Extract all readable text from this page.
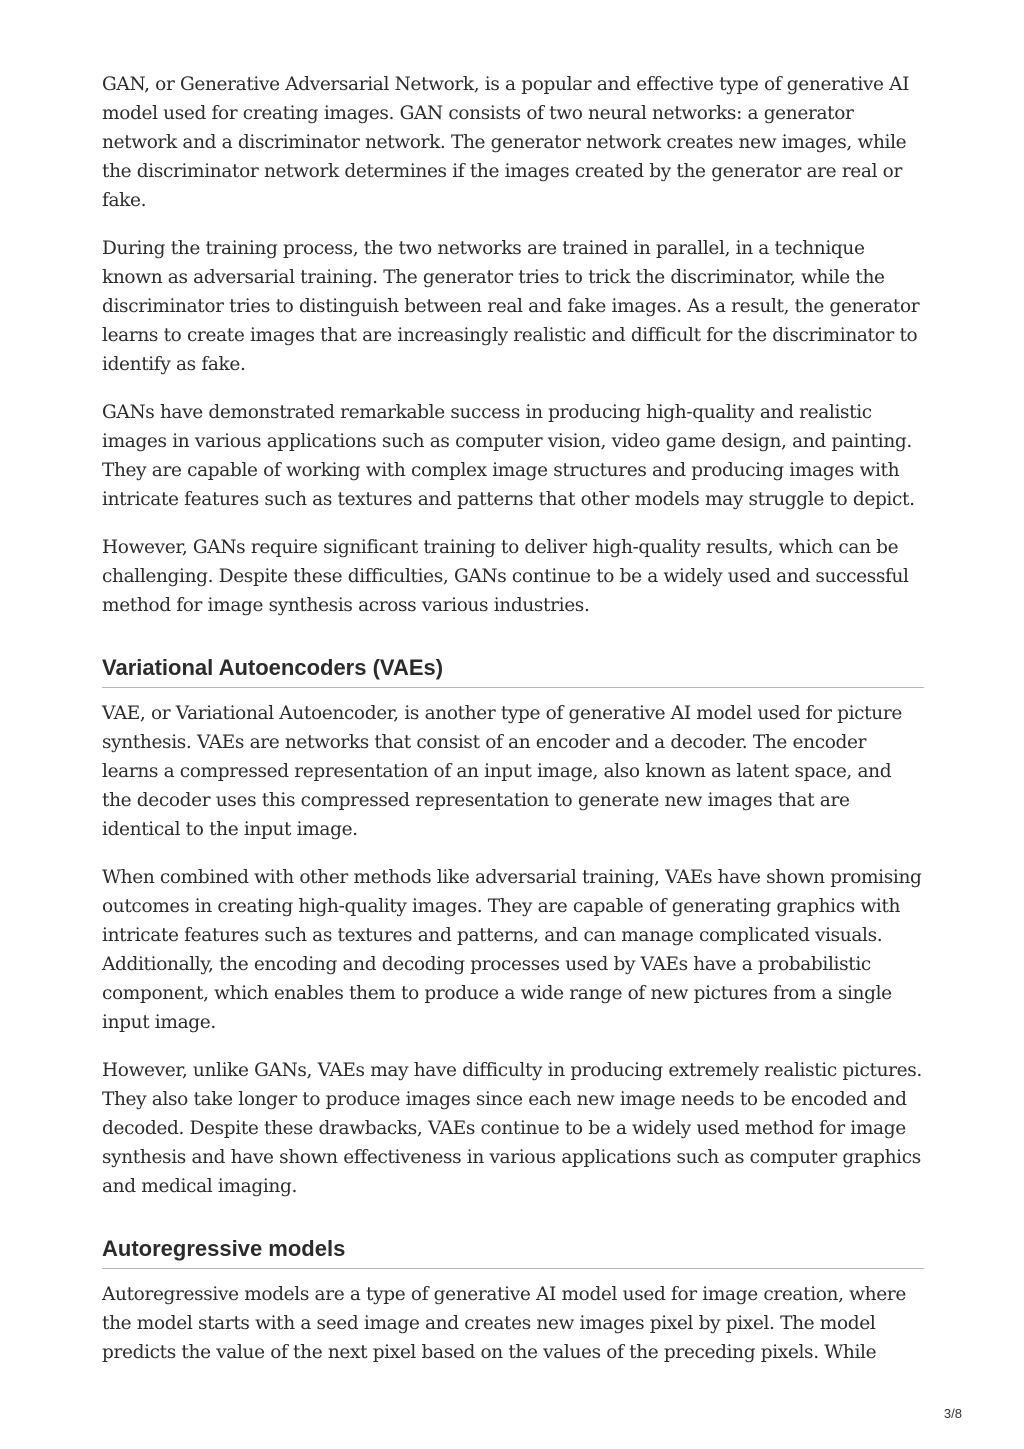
GAN, or Generative Adversarial Network, is a popular and effective type of generative AI model used for creating images. GAN consists of two neural networks: a generator network and a discriminator network. The generator network creates new images, while the discriminator network determines if the images created by the generator are real or fake.

During the training process, the two networks are trained in parallel, in a technique known as adversarial training. The generator tries to trick the discriminator, while the discriminator tries to distinguish between real and fake images. As a result, the generator learns to create images that are increasingly realistic and difficult for the discriminator to identify as fake.

GANs have demonstrated remarkable success in producing high-quality and realistic images in various applications such as computer vision, video game design, and painting. They are capable of working with complex image structures and producing images with intricate features such as textures and patterns that other models may struggle to depict.

However, GANs require significant training to deliver high-quality results, which can be challenging. Despite these difficulties, GANs continue to be a widely used and successful method for image synthesis across various industries.

Variational Autoencoders (VAEs)

VAE, or Variational Autoencoder, is another type of generative AI model used for picture synthesis. VAEs are networks that consist of an encoder and a decoder. The encoder learns a compressed representation of an input image, also known as latent space, and the decoder uses this compressed representation to generate new images that are identical to the input image.

When combined with other methods like adversarial training, VAEs have shown promising outcomes in creating high-quality images. They are capable of generating graphics with intricate features such as textures and patterns, and can manage complicated visuals. Additionally, the encoding and decoding processes used by VAEs have a probabilistic component, which enables them to produce a wide range of new pictures from a single input image.

However, unlike GANs, VAEs may have difficulty in producing extremely realistic pictures. They also take longer to produce images since each new image needs to be encoded and decoded. Despite these drawbacks, VAEs continue to be a widely used method for image synthesis and have shown effectiveness in various applications such as computer graphics and medical imaging.

Autoregressive models

Autoregressive models are a type of generative AI model used for image creation, where the model starts with a seed image and creates new images pixel by pixel. The model predicts the value of the next pixel based on the values of the preceding pixels. While

3/8
